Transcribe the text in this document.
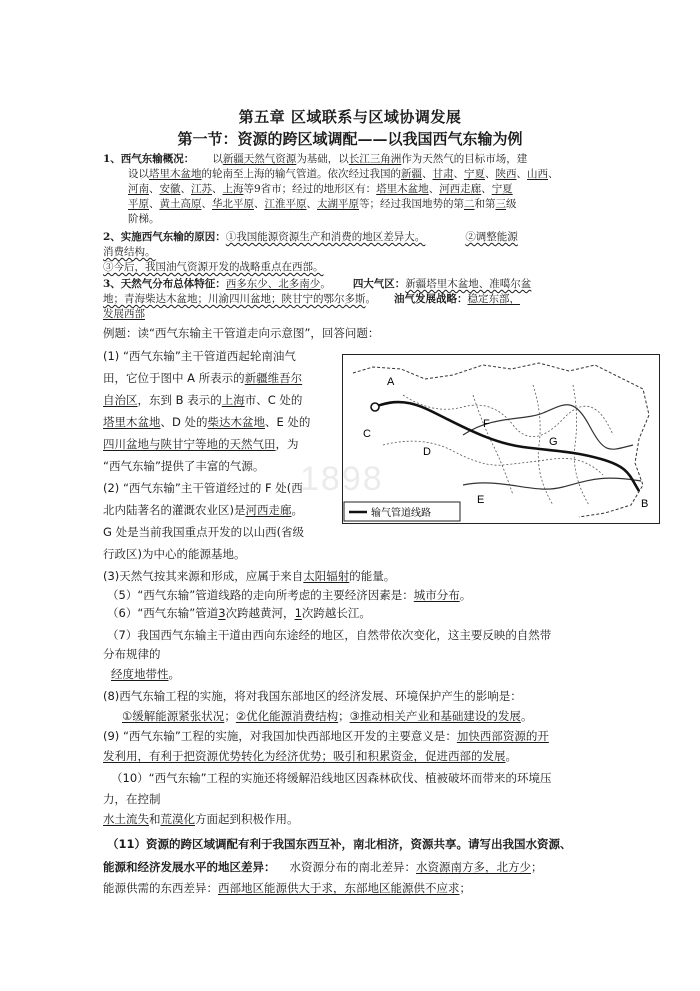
第五章 区域联系与区域协调发展
第一节：资源的跨区域调配——以我国西气东输为例
1、西气东输概况： 以新疆天然气资源为基础，以长江三角洲作为天然气的目标市场，建
设以塔里木盆地的轮南至上海的输气管道。依次经过我国的新疆、甘肃、宁夏、陕西、山西、
河南、安徽、江苏、上海等9省市；经过的地形区有：塔里木盆地、河西走廊、宁夏
平原、黄土高原、华北平原、江淮平原、太湖平原等；经过我国地势的第二和第三级
阶梯。
2、实施西气东输的原因：①我国能源资源生产和消费的地区差异大。	②调整能源
消费结构。
③今后，我国油气资源开发的战略重点在西部。
3、天然气分布总体特征：西多东少、北多南少。 四大气区：新疆塔里木盆地、准噶尔盆
地；青海柴达木盆地；川渝四川盆地；陕甘宁的鄂尔多斯。 油气发展战略：稳定东部，
发展西部
例题：读“西气东输主干管道走向示意图”，回答问题：
(1) “西气东输”主干管道西起轮南油气
田，它位于图中 A 所表示的新疆维吾尔
自治区，东到 B 表示的上海市、C 处的
塔里木盆地、D 处的柴达木盆地、E 处的
四川盆地与陕甘宁等地的天然气田，为
“西气东输”提供了丰富的气源。
(2) “西气东输”主干管道经过的 F 处(西
北内陆著名的灌溉农业区)是河西走廊。
G 处是当前我国重点开发的以山西(省级
行政区)为中心的能源基地。
(3)天然气按其来源和形成，应属于来自太阳辐射的能量。
（5）“西气东输”管道线路的走向所考虑的主要经济因素是：城市分布。
（6）“西气东输”管道3次跨越黄河，1次跨越长江。
（7）我国西气东输主干道由西向东途经的地区，自然带依次变化，这主要反映的自然带
分布规律的
经度地带性。
(8)西气东输工程的实施，将对我国东部地区的经济发展、环境保护产生的影响是：
①缓解能源紧张状况；②优化能源消费结构；③推动相关产业和基础建设的发展。
(9) “西气东输”工程的实施，对我国加快西部地区开发的主要意义是：加快西部资源的开
发利用，有利于把资源优势转化为经济优势；吸引和积累资金，促进西部的发展。
（10）“西气东输”工程的实施还将缓解沿线地区因森林砍伐、植被破坏而带来的环境压
力，在控制
水土流失和荒漠化方面起到积极作用。
（11）资源的跨区域调配有利于我国东西互补，南北相济，资源共享。请写出我国水资源、
能源和经济发展水平的地区差异： 水资源分布的南北差异：水资源南方多，北方少；
能源供需的东西差异：西部地区能源供大于求，东部地区能源供不应求；
A
B
C
D
E
F
G
输气管道线路
1898
